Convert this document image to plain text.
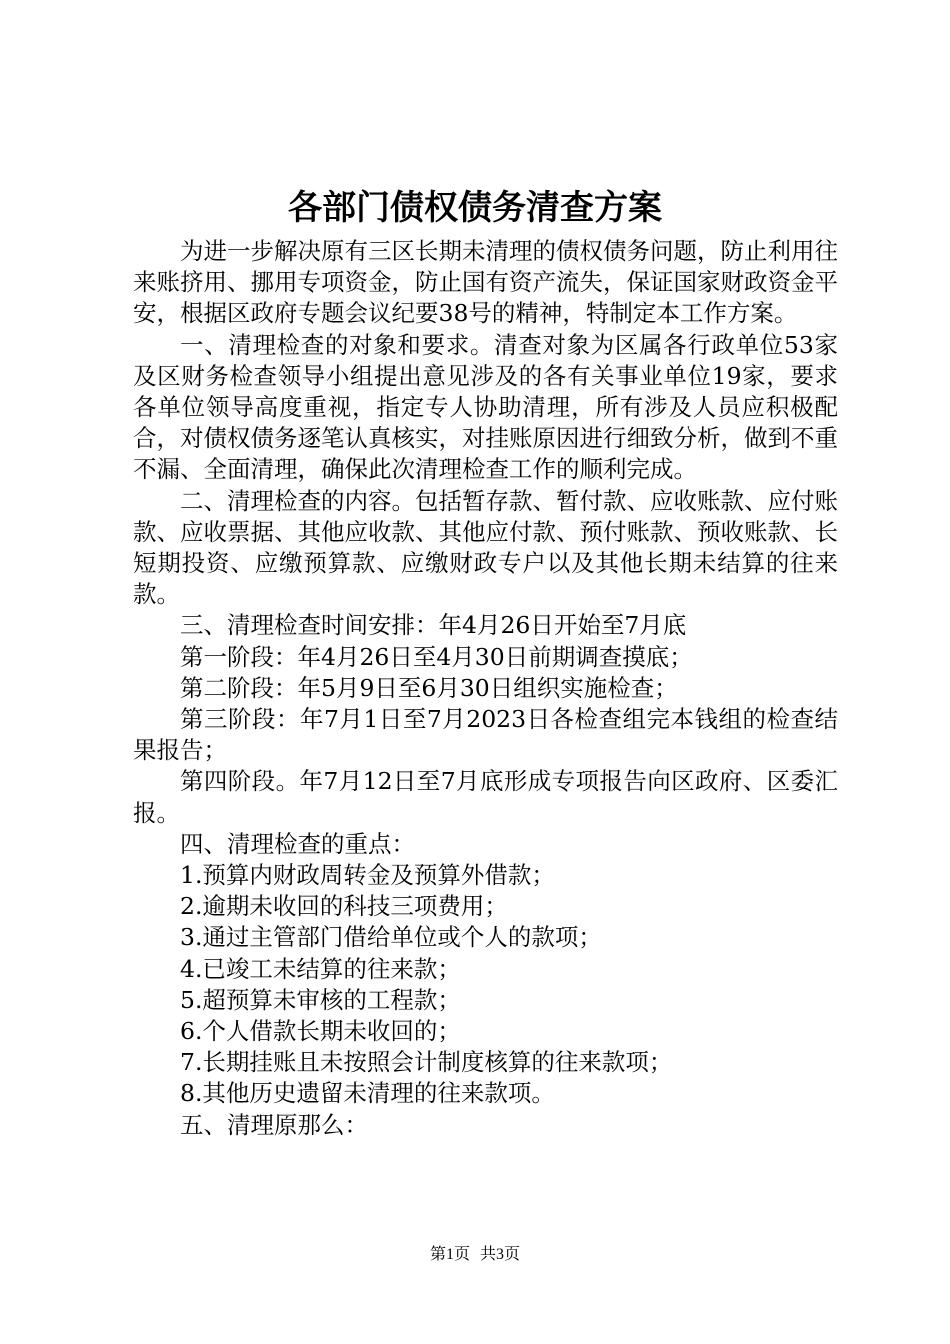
各部门债权债务清查方案

为进一步解决原有三区长期未清理的债权债务问题，防止利用往来账挤用、挪用专项资金，防止国有资产流失，保证国家财政资金平安，根据区政府专题会议纪要38号的精神，特制定本工作方案。

一、清理检查的对象和要求。清查对象为区属各行政单位53家及区财务检查领导小组提出意见涉及的各有关事业单位19家，要求各单位领导高度重视，指定专人协助清理，所有涉及人员应积极配合，对债权债务逐笔认真核实，对挂账原因进行细致分析，做到不重不漏、全面清理，确保此次清理检查工作的顺利完成。

二、清理检查的内容。包括暂存款、暂付款、应收账款、应付账款、应收票据、其他应收款、其他应付款、预付账款、预收账款、长短期投资、应缴预算款、应缴财政专户以及其他长期未结算的往来款。

三、清理检查时间安排：年4月26日开始至7月底

第一阶段：年4月26日至4月30日前期调查摸底；

第二阶段：年5月9日至6月30日组织实施检查；

第三阶段：年7月1日至7月2023日各检查组完本钱组的检查结果报告；

第四阶段。年7月12日至7月底形成专项报告向区政府、区委汇报。

四、清理检查的重点：

1.预算内财政周转金及预算外借款；

2.逾期未收回的科技三项费用；

3.通过主管部门借给单位或个人的款项；

4.已竣工未结算的往来款；

5.超预算未审核的工程款；

6.个人借款长期未收回的；

7.长期挂账且未按照会计制度核算的往来款项；

8.其他历史遗留未清理的往来款项。

五、清理原那么：

第1页 共3页
